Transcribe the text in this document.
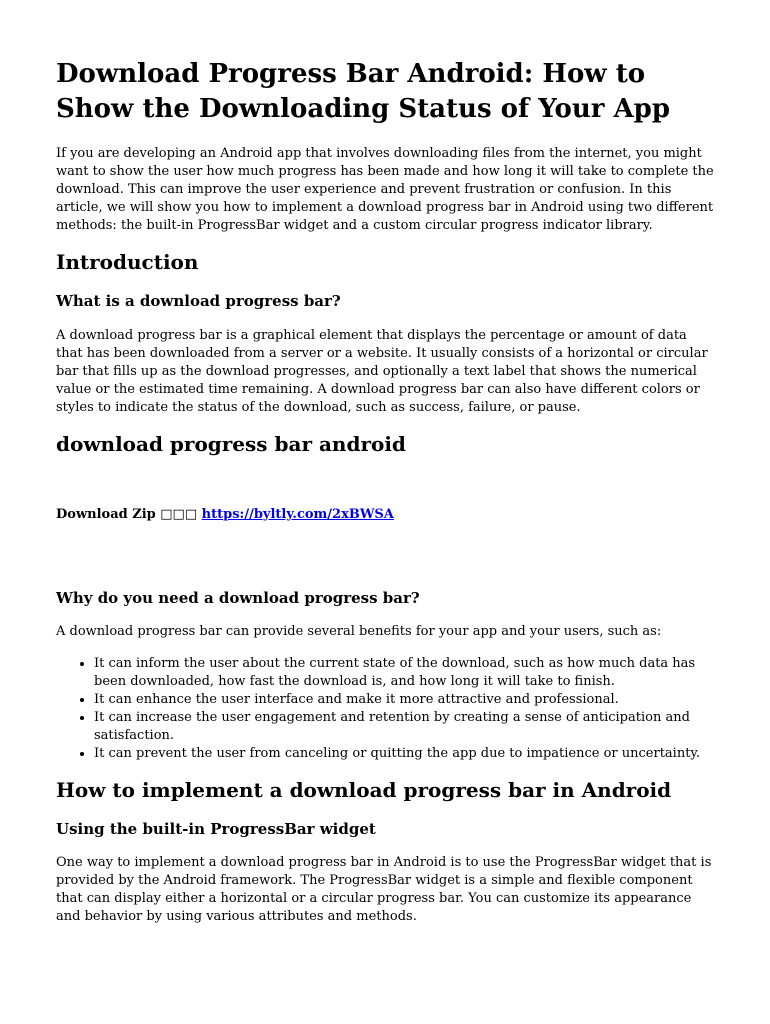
Download Progress Bar Android: How to Show the Downloading Status of Your App

If you are developing an Android app that involves downloading files from the internet, you might want to show the user how much progress has been made and how long it will take to complete the download. This can improve the user experience and prevent frustration or confusion. In this article, we will show you how to implement a download progress bar in Android using two different methods: the built-in ProgressBar widget and a custom circular progress indicator library.

Introduction
What is a download progress bar?

A download progress bar is a graphical element that displays the percentage or amount of data that has been downloaded from a server or a website. It usually consists of a horizontal or circular bar that fills up as the download progresses, and optionally a text label that shows the numerical value or the estimated time remaining. A download progress bar can also have different colors or styles to indicate the status of the download, such as success, failure, or pause.

download progress bar android
Download Zip □□□ https://byltly.com/2xBWSA
Why do you need a download progress bar?

A download progress bar can provide several benefits for your app and your users, such as:

• It can inform the user about the current state of the download, such as how much data has been downloaded, how fast the download is, and how long it will take to finish.
• It can enhance the user interface and make it more attractive and professional.
• It can increase the user engagement and retention by creating a sense of anticipation and satisfaction.
• It can prevent the user from canceling or quitting the app due to impatience or uncertainty.
How to implement a download progress bar in Android
Using the built-in ProgressBar widget

One way to implement a download progress bar in Android is to use the ProgressBar widget that is provided by the Android framework. The ProgressBar widget is a simple and flexible component that can display either a horizontal or a circular progress bar. You can customize its appearance and behavior by using various attributes and methods.
